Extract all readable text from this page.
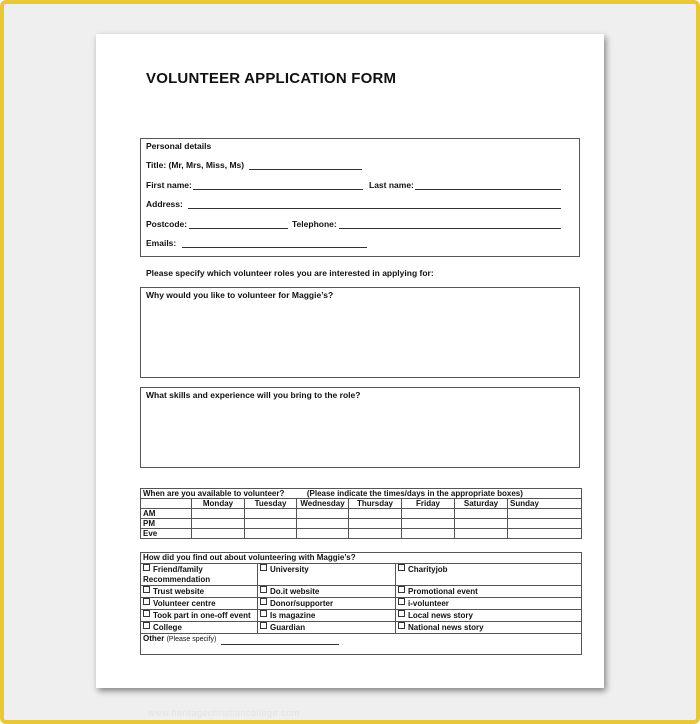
VOLUNTEER APPLICATION FORM
Personal details
Title: (Mr, Mrs, Miss, Ms)
First name:	Last name:
Address:
Postcode:	Telephone:
Emails:
Please specify which volunteer roles you are interested in applying for:
Why would you like to volunteer for Maggie’s?
What skills and experience will you bring to the role?
When are you available to volunteer? (Please indicate the times/days in the appropriate boxes)							
	Monday	Tuesday	Wednesday	Thursday	Friday	Saturday	Sunday
AM							
PM							
Eve							
How did you find out about volunteering with Maggie’s?		
Friend/family Recommendation	University	Charityjob
Trust website	Do.it website	Promotional event
Volunteer centre	Donor/supporter	i-volunteer
Took part in one-off event	Is magazine	Local news story
College	Guardian	National news story
Other (Please specify)		
www.heritagechristiancollege.com
